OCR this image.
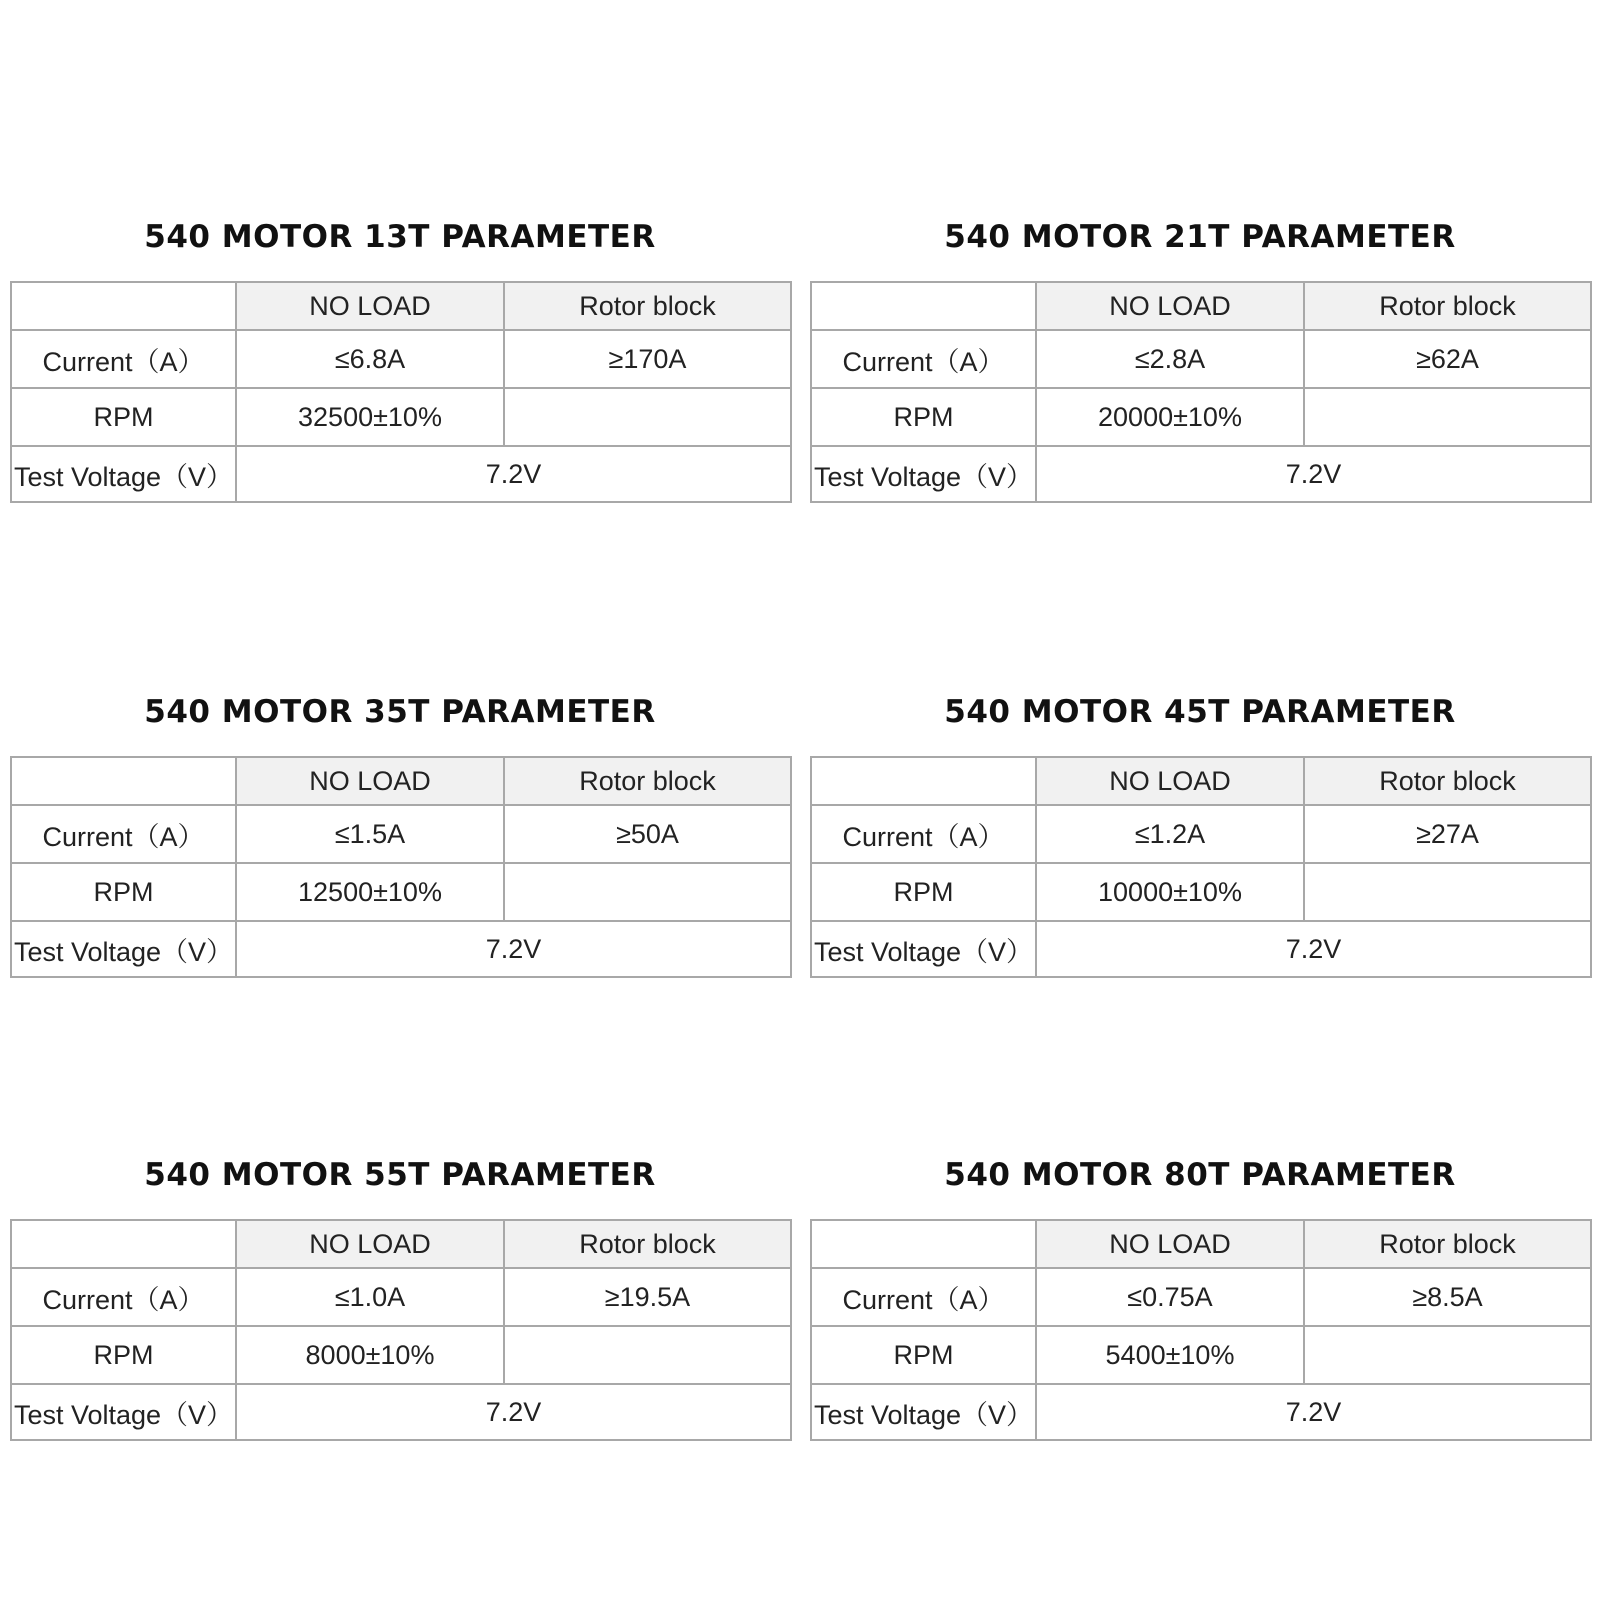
540 MOTOR 13T PARAMETER
	NO LOAD	Rotor block
Current（A）	≤6.8A	≥170A
RPM	32500±10%	
Test Voltage（V）	7.2V	
540 MOTOR 21T PARAMETER
	NO LOAD	Rotor block
Current（A）	≤2.8A	≥62A
RPM	20000±10%	
Test Voltage（V）	7.2V	
540 MOTOR 35T PARAMETER
	NO LOAD	Rotor block
Current（A）	≤1.5A	≥50A
RPM	12500±10%	
Test Voltage（V）	7.2V	
540 MOTOR 45T PARAMETER
	NO LOAD	Rotor block
Current（A）	≤1.2A	≥27A
RPM	10000±10%	
Test Voltage（V）	7.2V	
540 MOTOR 55T PARAMETER
	NO LOAD	Rotor block
Current（A）	≤1.0A	≥19.5A
RPM	8000±10%	
Test Voltage（V）	7.2V	
540 MOTOR 80T PARAMETER
	NO LOAD	Rotor block
Current（A）	≤0.75A	≥8.5A
RPM	5400±10%	
Test Voltage（V）	7.2V	
